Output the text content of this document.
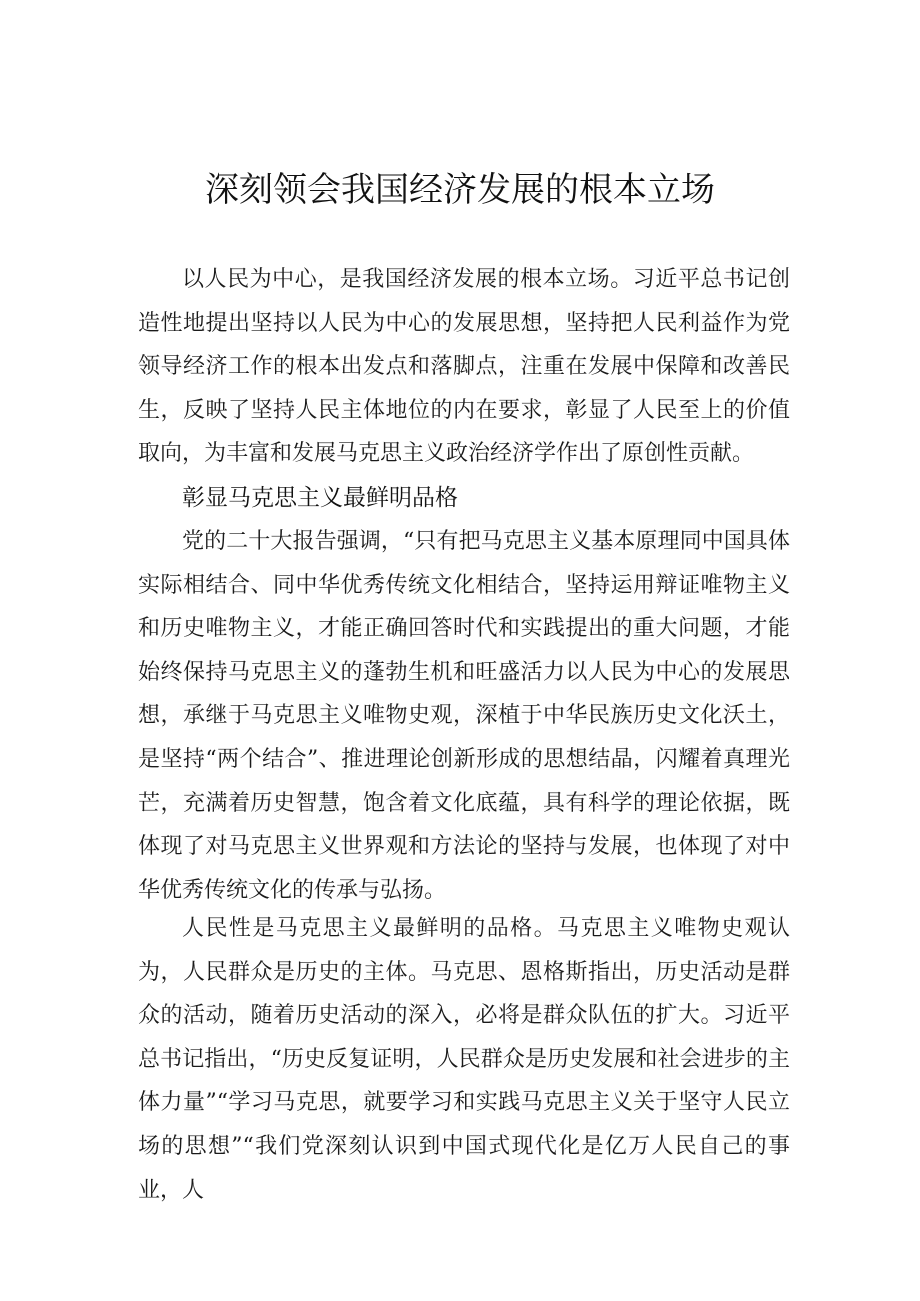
深刻领会我国经济发展的根本立场

以人民为中心，是我国经济发展的根本立场。习近平总书记创造性地提出坚持以人民为中心的发展思想，坚持把人民利益作为党领导经济工作的根本出发点和落脚点，注重在发展中保障和改善民生，反映了坚持人民主体地位的内在要求，彰显了人民至上的价值取向，为丰富和发展马克思主义政治经济学作出了原创性贡献。

彰显马克思主义最鲜明品格

党的二十大报告强调，“只有把马克思主义基本原理同中国具体实际相结合、同中华优秀传统文化相结合，坚持运用辩证唯物主义和历史唯物主义，才能正确回答时代和实践提出的重大问题，才能始终保持马克思主义的蓬勃生机和旺盛活力以人民为中心的发展思想，承继于马克思主义唯物史观，深植于中华民族历史文化沃土，是坚持“两个结合”、推进理论创新形成的思想结晶，闪耀着真理光芒，充满着历史智慧，饱含着文化底蕴，具有科学的理论依据，既体现了对马克思主义世界观和方法论的坚持与发展，也体现了对中华优秀传统文化的传承与弘扬。

人民性是马克思主义最鲜明的品格。马克思主义唯物史观认为，人民群众是历史的主体。马克思、恩格斯指出，历史活动是群众的活动，随着历史活动的深入，必将是群众队伍的扩大。习近平总书记指出，“历史反复证明，人民群众是历史发展和社会进步的主体力量”“学习马克思，就要学习和实践马克思主义关于坚守人民立场的思想”“我们党深刻认识到中国式现代化是亿万人民自己的事业，人
